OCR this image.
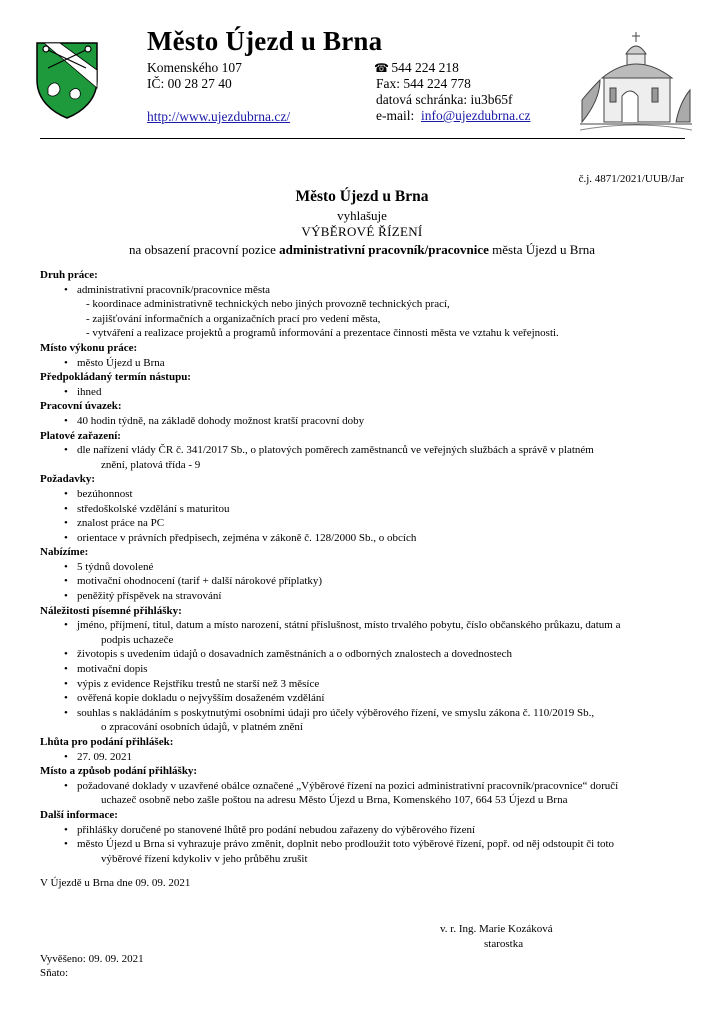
Město Újezd u Brna
Komenského 107
IČ: 00 28 27 40
http://www.ujezdubrna.cz/
☎ 544 224 218
Fax: 544 224 778
datová schránka: iu3b65f
e-mail: info@ujezdubrna.cz
č.j. 4871/2021/UUB/Jar
Město Újezd u Brna
vyhlašuje
VÝBĚROVÉ ŘÍZENÍ
na obsazení pracovní pozice administrativní pracovník/pracovnice města Újezd u Brna

Druh práce:

• administrativní pracovník/pracovnice města

- koordinace administrativně technických nebo jiných provozně technických prací,

- zajišťování informačních a organizačních prací pro vedení města,

- vytváření a realizace projektů a programů informování a prezentace činnosti města ve vztahu k veřejnosti.

Místo výkonu práce:

• město Újezd u Brna

Předpokládaný termín nástupu:

• ihned

Pracovní úvazek:

• 40 hodin týdně, na základě dohody možnost kratší pracovní doby

Platové zařazení:

• dle nařízení vlády ČR č. 341/2017 Sb., o platových poměrech zaměstnanců ve veřejných službách a správě v platném
znění, platová třída - 9

Požadavky:

• bezúhonnost
• středoškolské vzdělání s maturitou
• znalost práce na PC
• orientace v právních předpisech, zejména v zákoně č. 128/2000 Sb., o obcích

Nabízíme:

• 5 týdnů dovolené
• motivační ohodnocení (tarif + další nárokové příplatky)
• peněžitý příspěvek na stravování

Náležitosti písemné přihlášky:

• jméno, příjmení, titul, datum a místo narození, státní příslušnost, místo trvalého pobytu, číslo občanského průkazu, datum a
podpis uchazeče
• životopis s uvedením údajů o dosavadních zaměstnáních a o odborných znalostech a dovednostech
• motivační dopis
• výpis z evidence Rejstříku trestů ne starší než 3 měsíce
• ověřená kopie dokladu o nejvyšším dosaženém vzdělání
• souhlas s nakládáním s poskytnutými osobními údaji pro účely výběrového řízení, ve smyslu zákona č. 110/2019 Sb.,
o zpracování osobních údajů, v platném znění

Lhůta pro podání přihlášek:

• 27. 09. 2021

Místo a způsob podání přihlášky:

• požadované doklady v uzavřené obálce označené „Výběrové řízení na pozici administrativní pracovník/pracovnice“ doručí
uchazeč osobně nebo zašle poštou na adresu Město Újezd u Brna, Komenského 107, 664 53 Újezd u Brna

Další informace:

• přihlášky doručené po stanovené lhůtě pro podání nebudou zařazeny do výběrového řízení
• město Újezd u Brna si vyhrazuje právo změnit, doplnit nebo prodloužit toto výběrové řízení, popř. od něj odstoupit či toto
výběrové řízení kdykoliv v jeho průběhu zrušit
V Újezdě u Brna dne 09. 09. 2021
v. r. Ing. Marie Kozáková
starostka
Vyvěšeno: 09. 09. 2021
Sňato:
